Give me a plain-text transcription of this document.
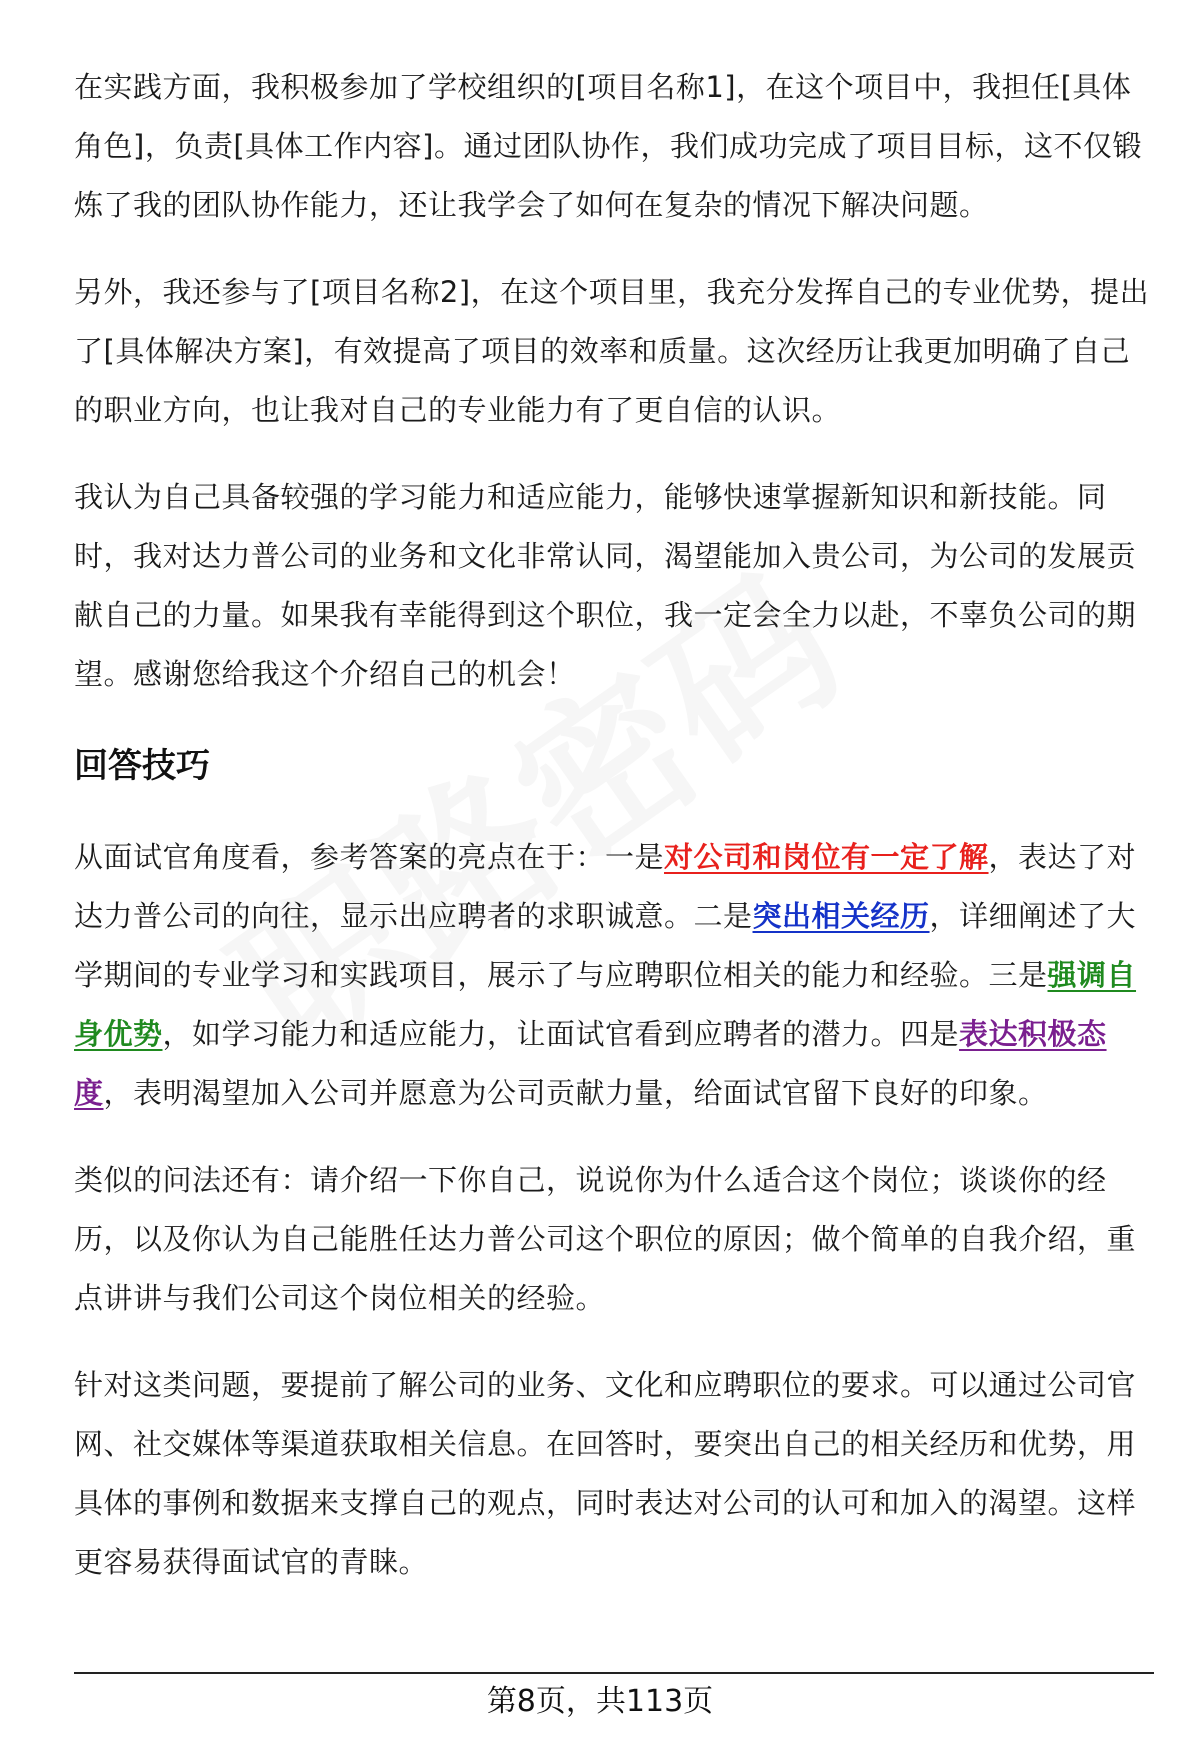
在实践方面，我积极参加了学校组织的[项目名称1]，在这个项目中，我担任[具体角色]，负责[具体工作内容]。通过团队协作，我们成功完成了项目目标，这不仅锻炼了我的团队协作能力，还让我学会了如何在复杂的情况下解决问题。

另外，我还参与了[项目名称2]，在这个项目里，我充分发挥自己的专业优势，提出了[具体解决方案]，有效提高了项目的效率和质量。这次经历让我更加明确了自己的职业方向，也让我对自己的专业能力有了更自信的认识。

我认为自己具备较强的学习能力和适应能力，能够快速掌握新知识和新技能。同时，我对达力普公司的业务和文化非常认同，渴望能加入贵公司，为公司的发展贡献自己的力量。如果我有幸能得到这个职位，我一定会全力以赴，不辜负公司的期望。感谢您给我这个介绍自己的机会！

回答技巧

从面试官角度看，参考答案的亮点在于：一是对公司和岗位有一定了解，表达了对达力普公司的向往，显示出应聘者的求职诚意。二是突出相关经历，详细阐述了大学期间的专业学习和实践项目，展示了与应聘职位相关的能力和经验。三是强调自身优势，如学习能力和适应能力，让面试官看到应聘者的潜力。四是表达积极态度，表明渴望加入公司并愿意为公司贡献力量，给面试官留下良好的印象。

类似的问法还有：请介绍一下你自己，说说你为什么适合这个岗位；谈谈你的经历，以及你认为自己能胜任达力普公司这个职位的原因；做个简单的自我介绍，重点讲讲与我们公司这个岗位相关的经验。

针对这类问题，要提前了解公司的业务、文化和应聘职位的要求。可以通过公司官网、社交媒体等渠道获取相关信息。在回答时，要突出自己的相关经历和优势，用具体的事例和数据来支撑自己的观点，同时表达对公司的认可和加入的渴望。这样更容易获得面试官的青睐。

第8页，共113页
